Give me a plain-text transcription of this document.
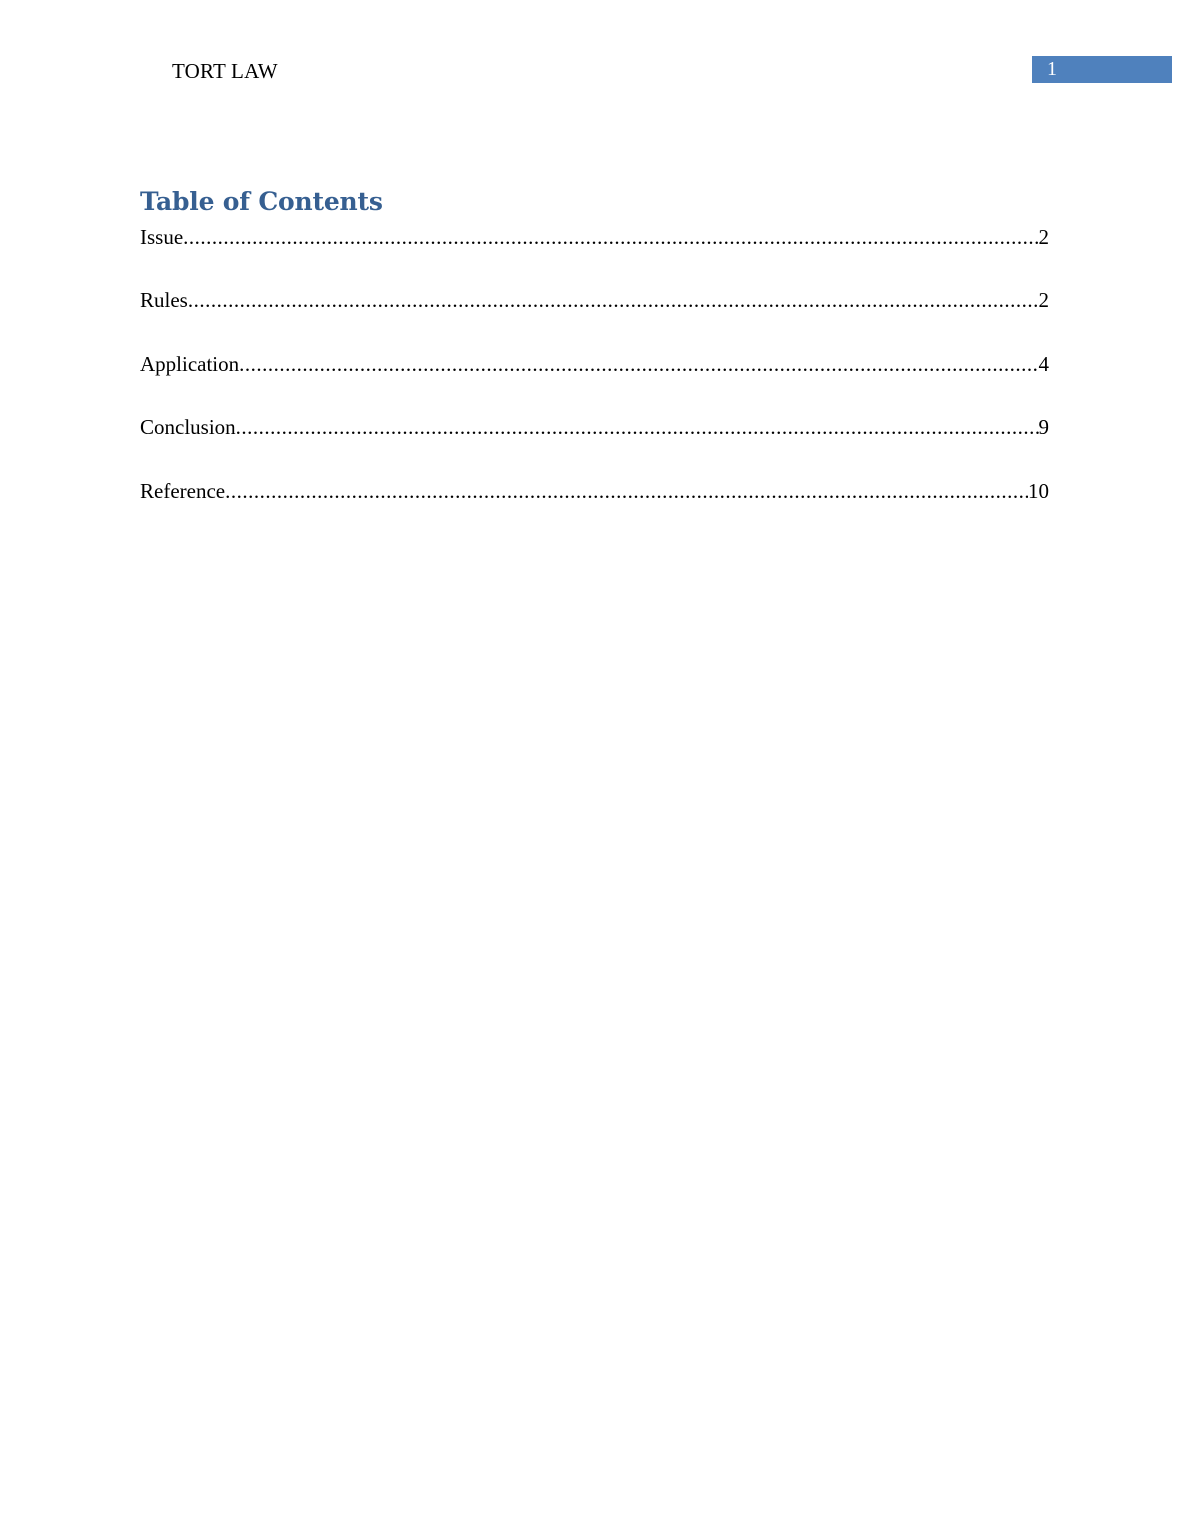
TORT LAW	1
Table of Contents
Issue .....	2
Rules .....	2
Application .....	4
Conclusion .....	9
Reference .....	10
